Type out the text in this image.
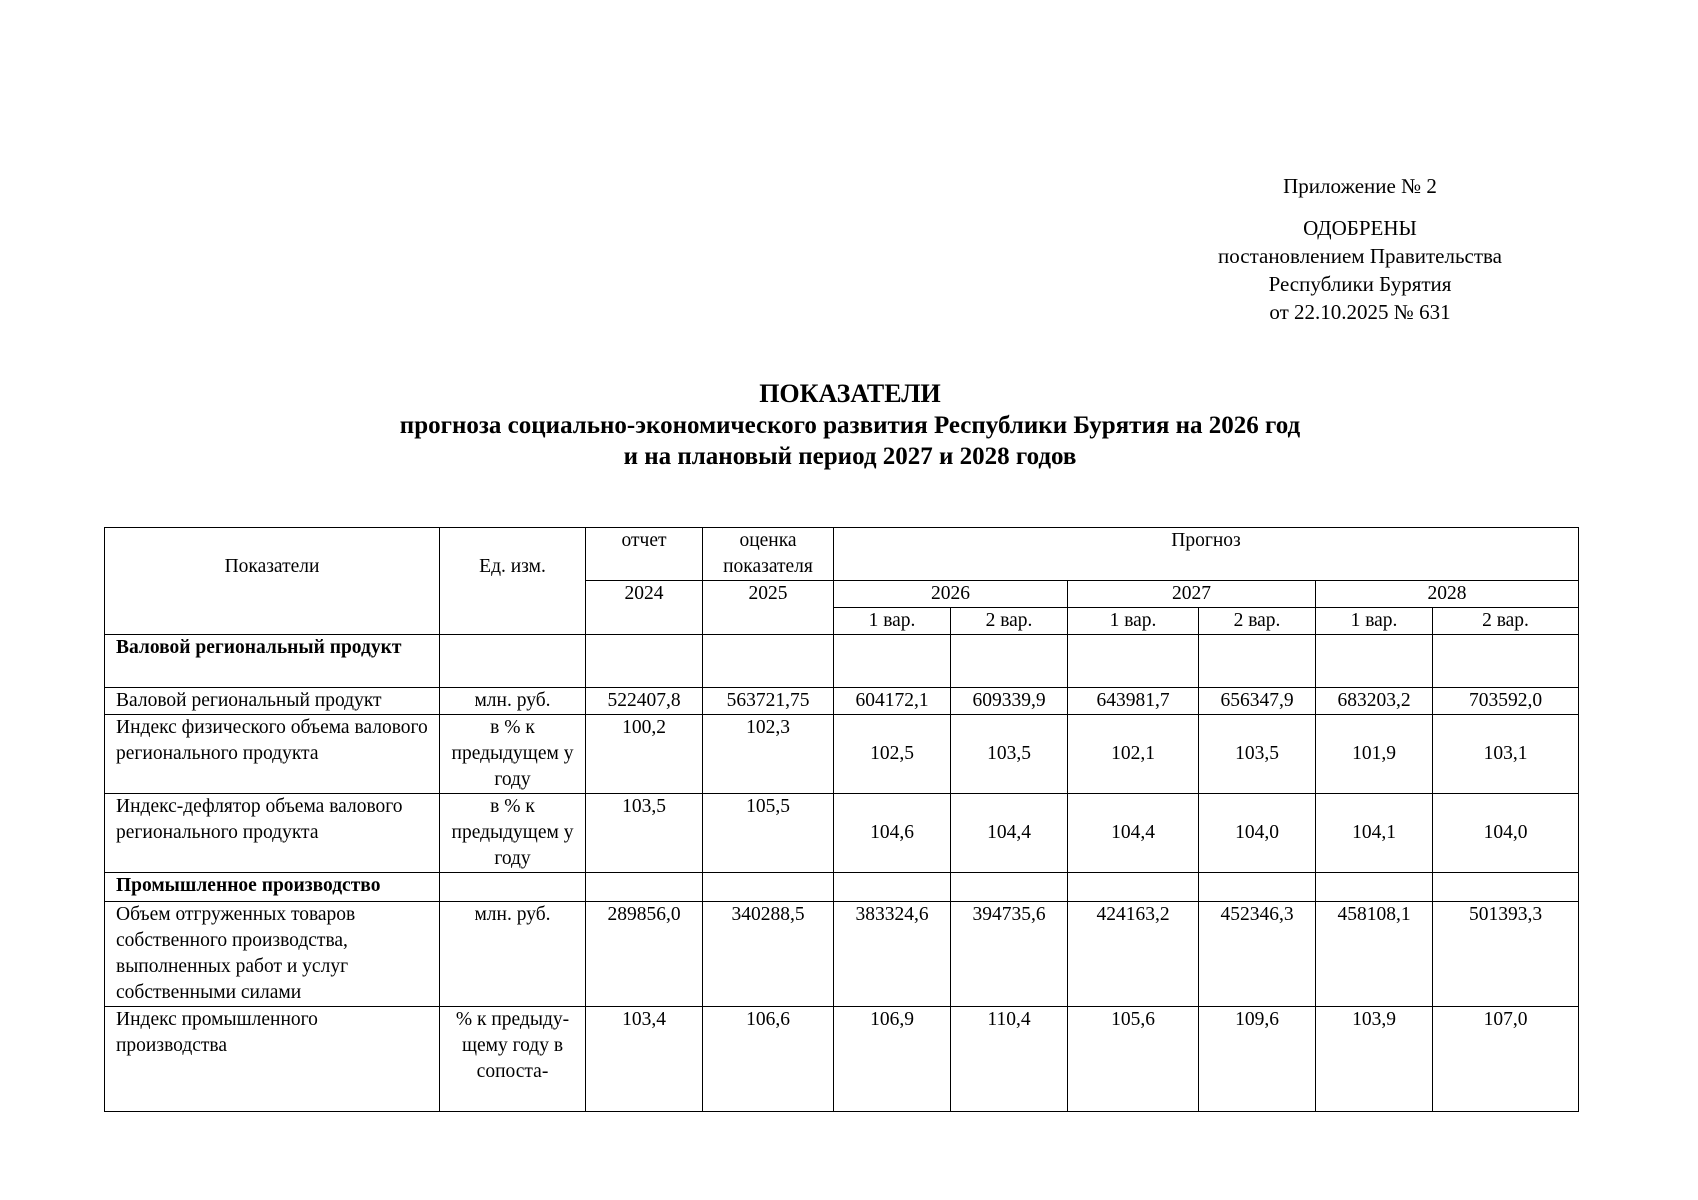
Приложение № 2
ОДОБРЕНЫ
постановлением Правительства
Республики Бурятия
от 22.10.2025 № 631
ПОКАЗАТЕЛИ
прогноза социально-экономического развития Республики Бурятия на 2026 год
и на плановый период 2027 и 2028 годов
Показатели	Ед. изм.	отчет	оценка показателя	Прогноз					
		2024	2025	2026		2027		2028	
				1 вар.	2 вар.	1 вар.	2 вар.	1 вар.	2 вар.
Валовой региональный продукт									
Валовой региональный продукт	млн. руб.	522407,8	563721,75	604172,1	609339,9	643981,7	656347,9	683203,2	703592,0
Индекс физического объема валового регионального продукта	в % к предыдущем у году	100,2	102,3	102,5	103,5	102,1	103,5	101,9	103,1
Индекс-дефлятор объема валового регионального продукта	в % к предыдущем у году	103,5	105,5	104,6	104,4	104,4	104,0	104,1	104,0
Промышленное производство									
Объем отгруженных товаров собственного производства, выполненных работ и услуг собственными силами	млн. руб.	289856,0	340288,5	383324,6	394735,6	424163,2	452346,3	458108,1	501393,3
Индекс промышленного производства	% к предыду-щему году в сопоста-	103,4	106,6	106,9	110,4	105,6	109,6	103,9	107,0
